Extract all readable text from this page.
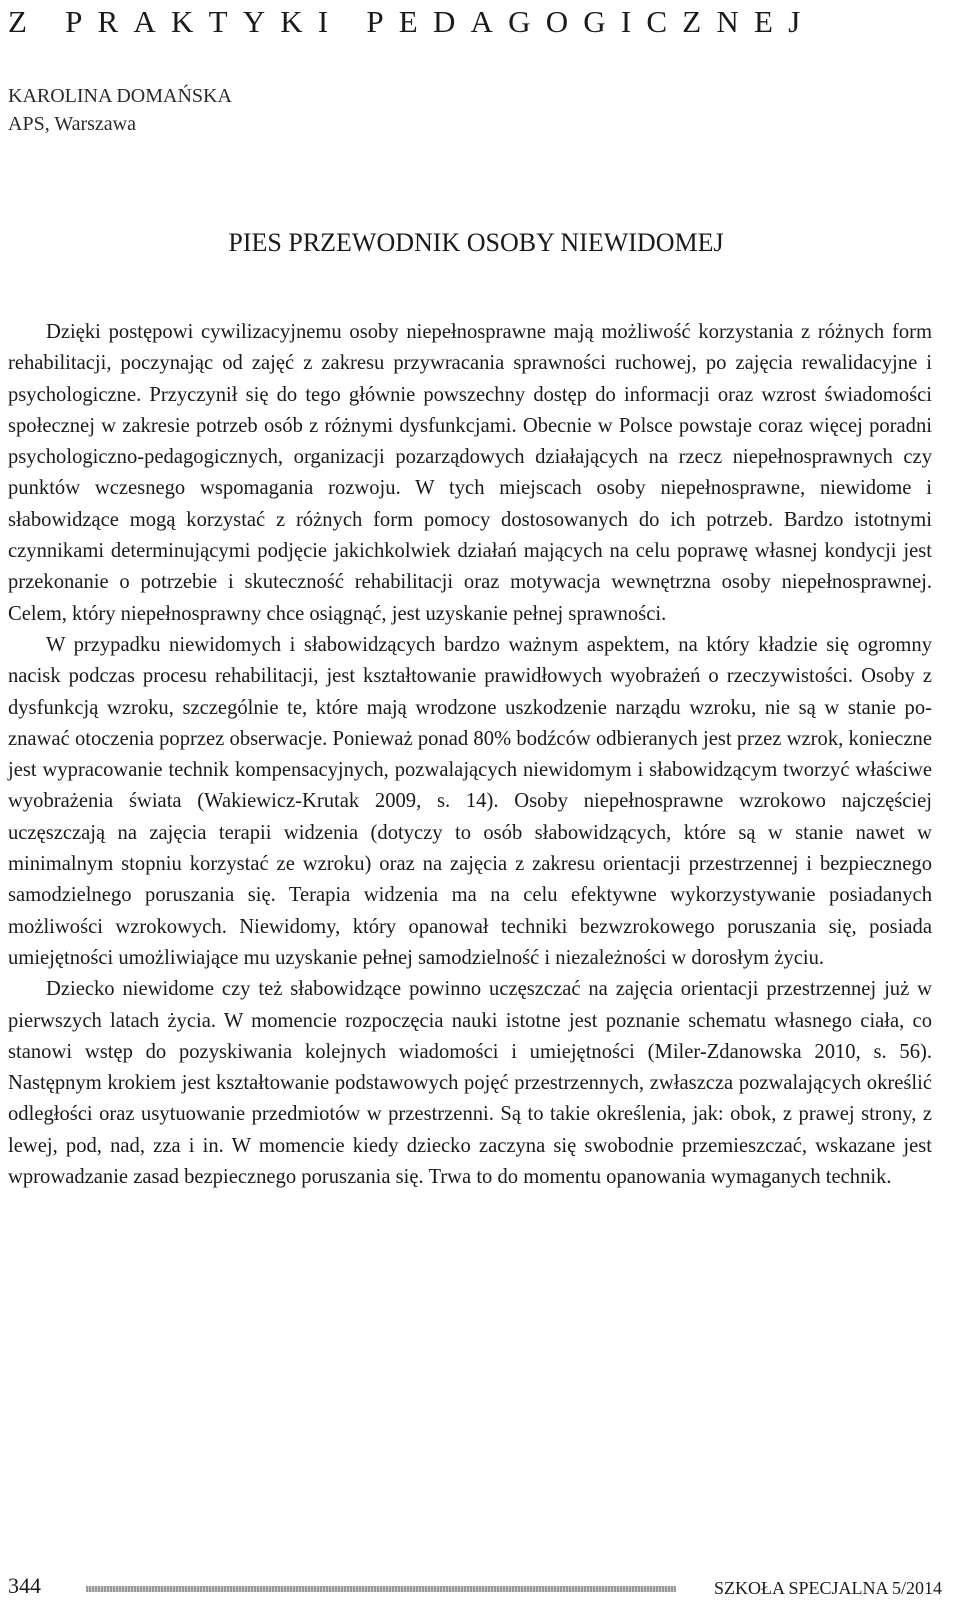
Z PRAKTYKI PEDAGOGICZNEJ
KAROLINA DOMAŃSKA
APS, Warszawa
PIES PRZEWODNIK OSOBY NIEWIDOMEJ

Dzięki postępowi cywilizacyjnemu osoby niepełnosprawne mają możliwość korzystania z różnych form rehabilitacji, poczynając od zajęć z zakresu przywracania sprawności ruchowej, po zajęcia rewalidacyjne i psychologiczne. Przyczynił się do tego głównie powszechny dostęp do informacji oraz wzrost świadomości społecznej w zakresie potrzeb osób z różnymi dysfunkcjami. Obecnie w Polsce powstaje coraz więcej poradni psychologiczno-pedagogicznych, organizacji pozarządowych działających na rzecz niepełnosprawnych czy punktów wczesnego wspomagania rozwoju. W tych miejscach osoby niepełnosprawne, niewidome i słabowidzące mogą korzystać z różnych form pomocy dostosowanych do ich potrzeb. Bardzo istotnymi czynnikami determinującymi podjęcie jakichkolwiek działań mających na celu poprawę własnej kondycji jest przekonanie o potrzebie i skuteczność rehabilitacji oraz motywacja wewnętrzna osoby niepełnosprawnej. Celem, który niepełnosprawny chce osiągnąć, jest uzyskanie pełnej sprawności.

W przypadku niewidomych i słabowidzących bardzo ważnym aspektem, na który kładzie się ogromny nacisk podczas procesu rehabilitacji, jest kształtowanie prawidłowych wyobrażeń o rzeczywistości. Osoby z dysfunkcją wzroku, szczególnie te, które mają wrodzone uszkodzenie narządu wzroku, nie są w stanie poznawać otoczenia poprzez obserwacje. Ponieważ ponad 80% bodźców odbieranych jest przez wzrok, konieczne jest wypracowanie technik kompensacyjnych, pozwalających niewidomym i słabowidzącym tworzyć właściwe wyobrażenia świata (Wakiewicz-Krutak 2009, s. 14). Osoby niepełnosprawne wzrokowo najczęściej uczęszczają na zajęcia terapii widzenia (dotyczy to osób słabowidzących, które są w stanie nawet w minimalnym stopniu korzystać ze wzroku) oraz na zajęcia z zakresu orientacji przestrzennej i bezpiecznego samodzielnego poruszania się. Terapia widzenia ma na celu efektywne wykorzystywanie posiadanych możliwości wzrokowych. Niewidomy, który opanował techniki bezwzrokowego poruszania się, posiada umiejętności umożliwiające mu uzyskanie pełnej samodzielność i niezależności w dorosłym życiu.

Dziecko niewidome czy też słabowidzące powinno uczęszczać na zajęcia orientacji przestrzennej już w pierwszych latach życia. W momencie rozpoczęcia nauki istotne jest poznanie schematu własnego ciała, co stanowi wstęp do pozyskiwania kolejnych wiadomości i umiejętności (Miler-Zdanowska 2010, s. 56). Następnym krokiem jest kształtowanie podstawowych pojęć przestrzennych, zwłaszcza pozwalających określić odległości oraz usytuowanie przedmiotów w przestrzenni. Są to takie określenia, jak: obok, z prawej strony, z lewej, pod, nad, zza i in. W momencie kiedy dziecko zaczyna się swobodnie przemieszczać, wskazane jest wprowadzanie zasad bezpiecznego poruszania się. Trwa to do momentu opanowania wymaganych technik.

344	SZKOŁA SPECJALNA 5/2014
